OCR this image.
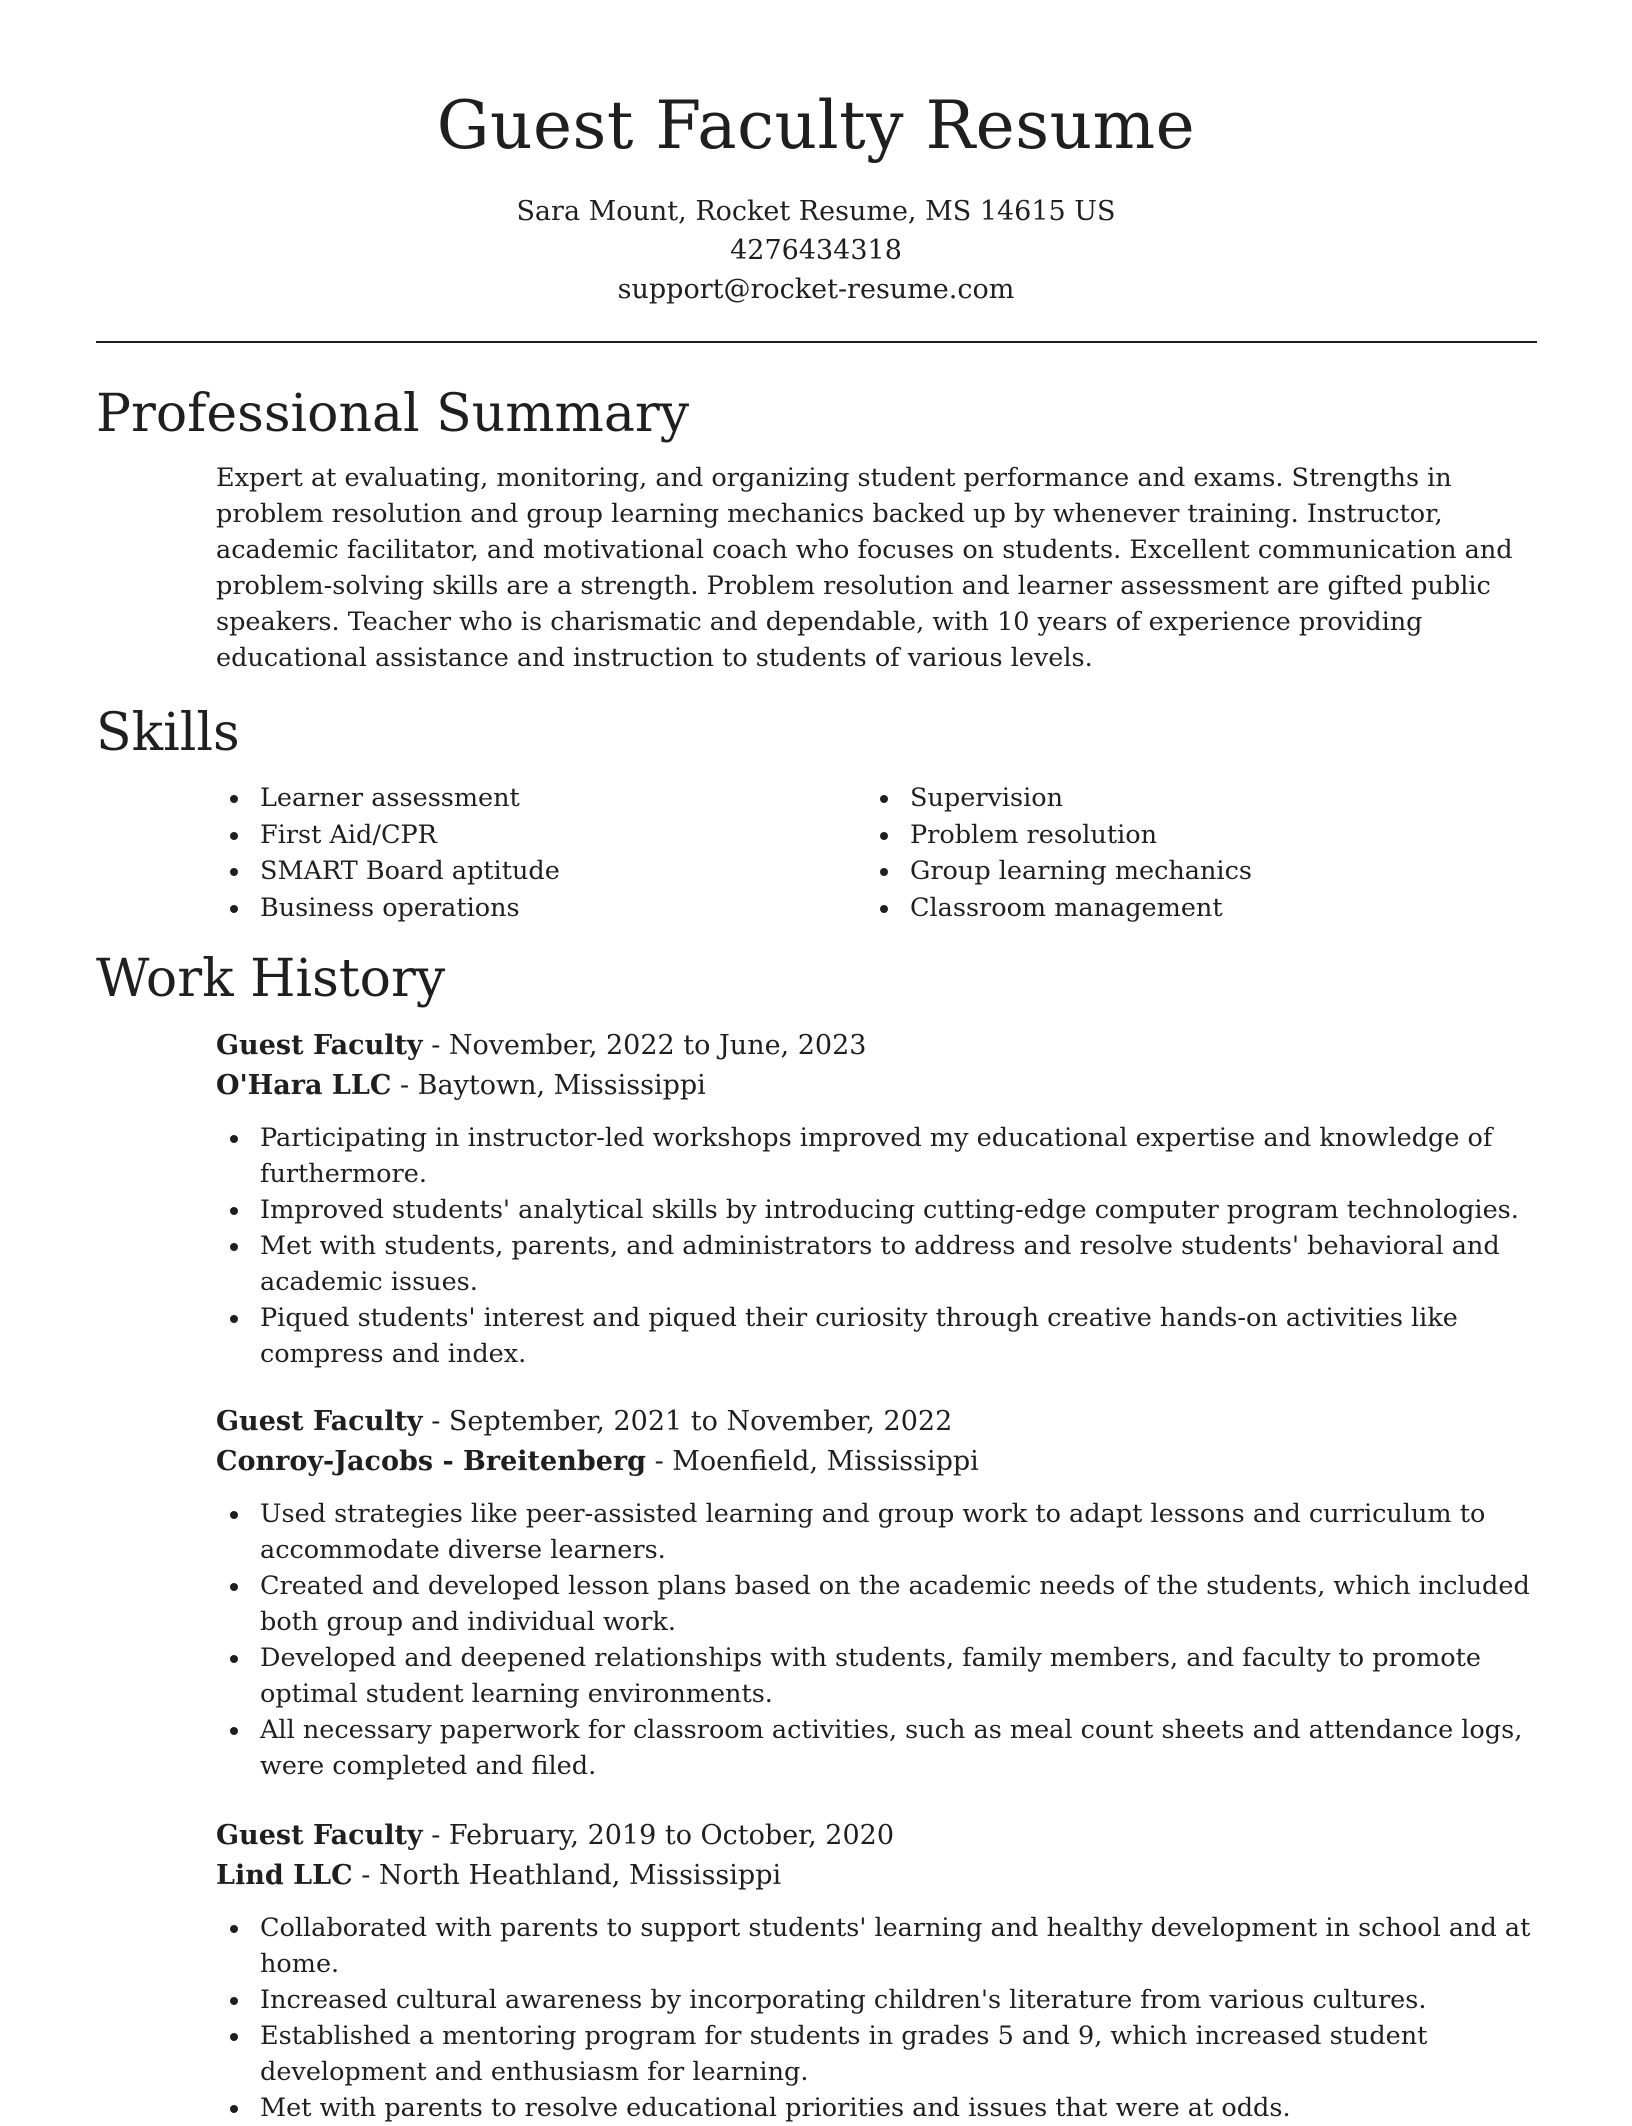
Guest Faculty Resume

Sara Mount, Rocket Resume, MS 14615 US

4276434318

support@rocket-resume.com

Professional Summary

Expert at evaluating, monitoring, and organizing student performance and exams. Strengths in problem resolution and group learning mechanics backed up by whenever training. Instructor, academic facilitator, and motivational coach who focuses on students. Excellent communication and problem-solving skills are a strength. Problem resolution and learner assessment are gifted public speakers. Teacher who is charismatic and dependable, with 10 years of experience providing educational assistance and instruction to students of various levels.

Skills
Learner assessment
First Aid/CPR
SMART Board aptitude
Business operations
Supervision
Problem resolution
Group learning mechanics
Classroom management
Work History

Guest Faculty - November, 2022 to June, 2023

O'Hara LLC - Baytown, Mississippi

Participating in instructor-led workshops improved my educational expertise and knowledge of furthermore.
Improved students' analytical skills by introducing cutting-edge computer program technologies.
Met with students, parents, and administrators to address and resolve students' behavioral and academic issues.
Piqued students' interest and piqued their curiosity through creative hands-on activities like compress and index.

Guest Faculty - September, 2021 to November, 2022

Conroy-Jacobs - Breitenberg - Moenfield, Mississippi

Used strategies like peer-assisted learning and group work to adapt lessons and curriculum to accommodate diverse learners.
Created and developed lesson plans based on the academic needs of the students, which included both group and individual work.
Developed and deepened relationships with students, family members, and faculty to promote optimal student learning environments.
All necessary paperwork for classroom activities, such as meal count sheets and attendance logs, were completed and filed.

Guest Faculty - February, 2019 to October, 2020

Lind LLC - North Heathland, Mississippi

Collaborated with parents to support students' learning and healthy development in school and at home.
Increased cultural awareness by incorporating children's literature from various cultures.
Established a mentoring program for students in grades 5 and 9, which increased student development and enthusiasm for learning.
Met with parents to resolve educational priorities and issues that were at odds.
